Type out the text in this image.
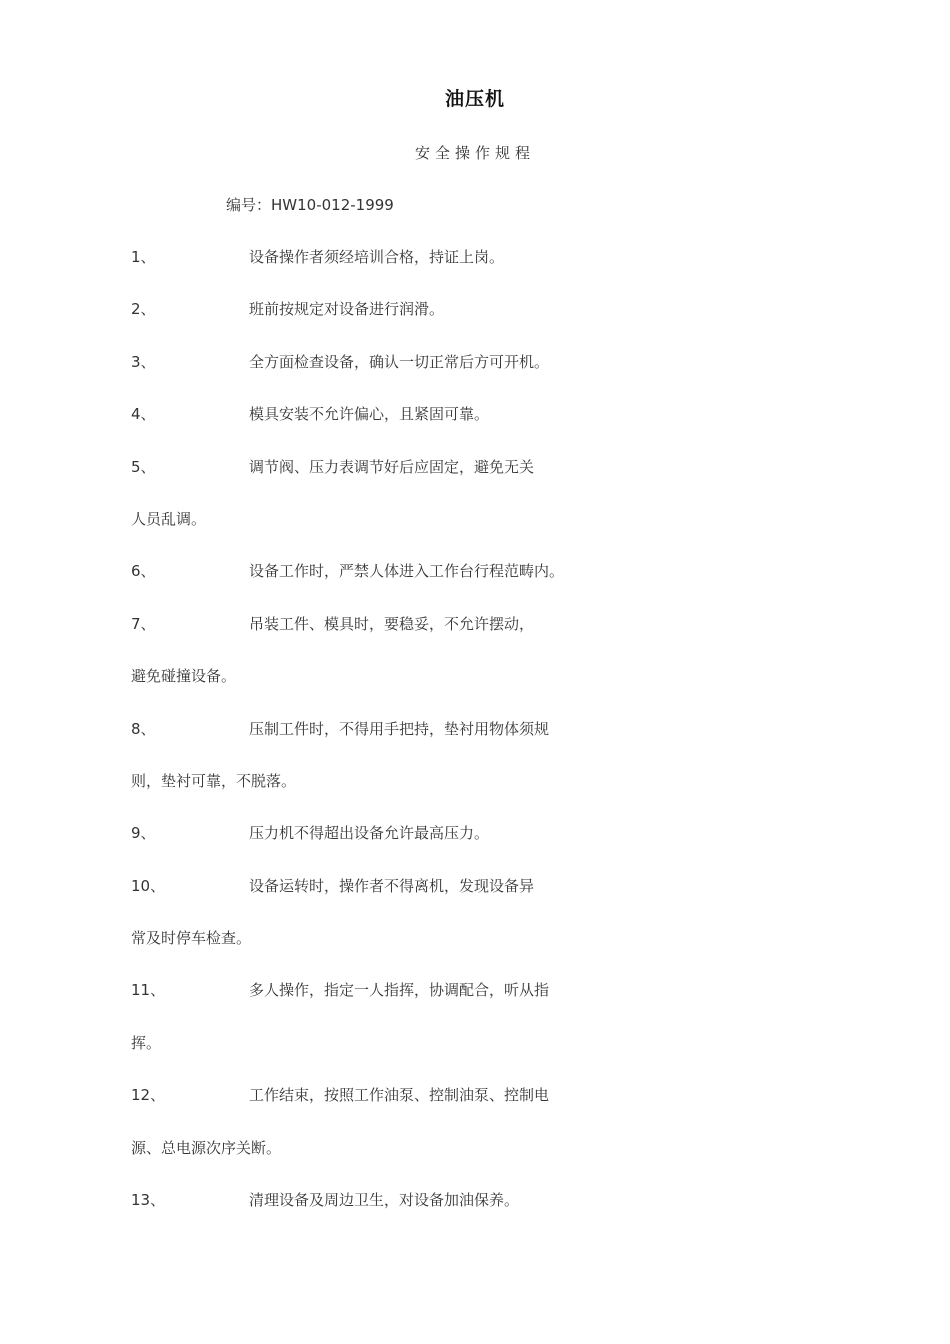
油压机
安全操作规程
编号：HW10-012-1999
1、	设备操作者须经培训合格，持证上岗。
2、	班前按规定对设备进行润滑。
3、	全方面检查设备，确认一切正常后方可开机。
4、	模具安装不允许偏心，且紧固可靠。
5、	调节阀、压力表调节好后应固定，避免无关
人员乱调。
6、	设备工作时，严禁人体进入工作台行程范畴内。
7、	吊装工件、模具时，要稳妥，不允许摆动，
避免碰撞设备。
8、	压制工件时，不得用手把持，垫衬用物体须规
则，垫衬可靠，不脱落。
9、	压力机不得超出设备允许最高压力。
10、	设备运转时，操作者不得离机，发现设备异
常及时停车检查。
11、	多人操作，指定一人指挥，协调配合，听从指
挥。
12、	工作结束，按照工作油泵、控制油泵、控制电
源、总电源次序关断。
13、	清理设备及周边卫生，对设备加油保养。
